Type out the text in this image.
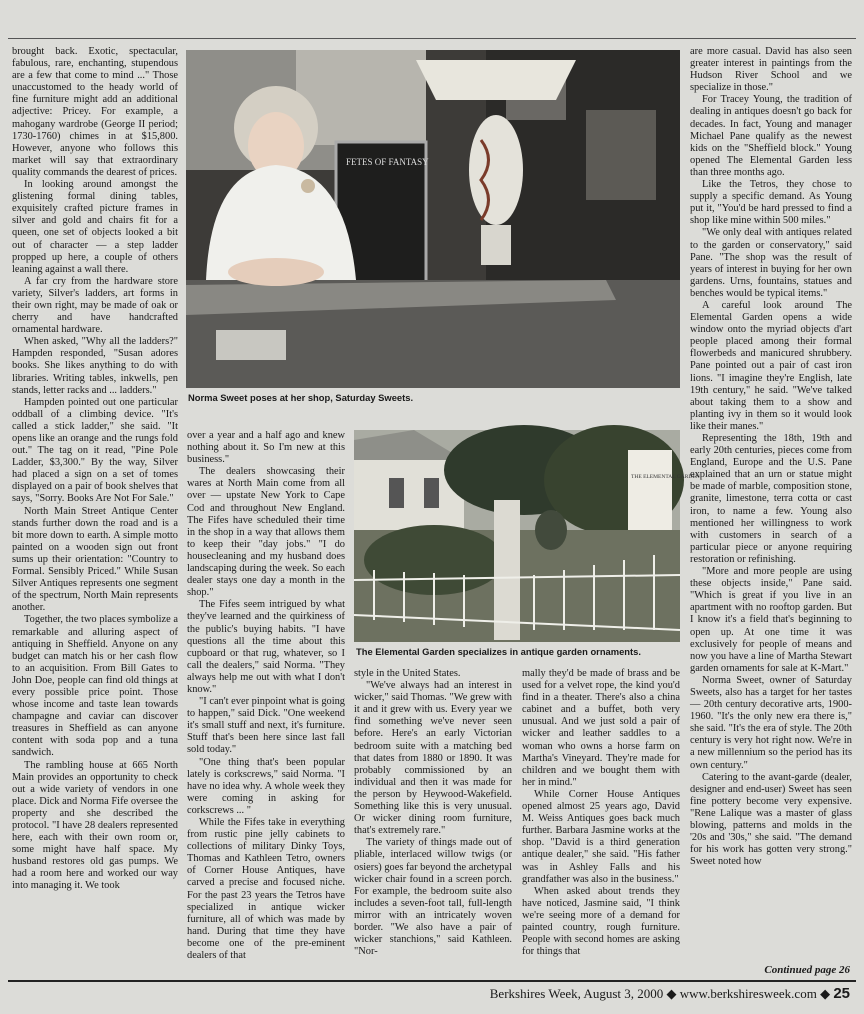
brought back. Exotic, spectacular, fabulous, rare, enchanting, stupendous are a few that come to mind ..." Those unaccustomed to the heady world of fine furniture might add an additional adjective: Pricey. For example, a mahogany wardrobe (George II period; 1730-1760) chimes in at $15,800. However, anyone who follows this market will say that extraordinary quality commands the dearest of prices.

In looking around amongst the glistening formal dining tables, exquisitely crafted picture frames in silver and gold and chairs fit for a queen, one set of objects looked a bit out of character — a step ladder propped up here, a couple of others leaning against a wall there.

A far cry from the hardware store variety, Silver's ladders, art forms in their own right, may be made of oak or cherry and have handcrafted ornamental hardware.

When asked, "Why all the ladders?" Hampden responded, "Susan adores books. She likes anything to do with libraries. Writing tables, inkwells, pen stands, letter racks and ... ladders."

Hampden pointed out one particular oddball of a climbing device. "It's called a stick ladder," she said. "It opens like an orange and the rungs fold out." The tag on it read, "Pine Pole Ladder, $3,300." By the way, Silver had placed a sign on a set of tomes displayed on a pair of book shelves that says, "Sorry. Books Are Not For Sale."

North Main Street Antique Center stands further down the road and is a bit more down to earth. A simple motto painted on a wooden sign out front sums up their orientation: "Country to Formal. Sensibly Priced." While Susan Silver Antiques represents one segment of the spectrum, North Main represents another.

Together, the two places symbolize a remarkable and alluring aspect of antiquing in Sheffield. Anyone on any budget can match his or her cash flow to an acquisition. From Bill Gates to John Doe, people can find old things at every possible price point. Those whose income and taste lean towards champagne and caviar can discover treasures in Sheffield as can anyone content with soda pop and a tuna sandwich.

The rambling house at 665 North Main provides an opportunity to check out a wide variety of vendors in one place. Dick and Norma Fife oversee the property and she described the protocol. "I have 28 dealers represented here, each with their own room or, some might have half space. My husband restores old gas pumps. We had a room here and worked our way into managing it. We took

FETES OF FANTASY
Norma Sweet poses at her shop, Saturday Sweets.

over a year and a half ago and knew nothing about it. So I'm new at this business."

The dealers showcasing their wares at North Main come from all over — upstate New York to Cape Cod and throughout New England. The Fifes have scheduled their time in the shop in a way that allows them to keep their "day jobs." "I do housecleaning and my husband does landscaping during the week. So each dealer stays one day a month in the shop."

The Fifes seem intrigued by what they've learned and the quirkiness of the public's buying habits. "I have questions all the time about this cupboard or that rug, whatever, so I call the dealers," said Norma. "They always help me out with what I don't know."

"I can't ever pinpoint what is going to happen," said Dick. "One weekend it's small stuff and next, it's furniture. Stuff that's been here since last fall sold today."

"One thing that's been popular lately is corkscrews," said Norma. "I have no idea why. A whole week they were coming in asking for corkscrews ... "

While the Fifes take in everything from rustic pine jelly cabinets to collections of military Dinky Toys, Thomas and Kathleen Tetro, owners of Corner House Antiques, have carved a precise and focused niche. For the past 23 years the Tetros have specialized in antique wicker furniture, all of which was made by hand. During that time they have become one of the pre-eminent dealers of that

THE ELEMENTAL GARDEN
The Elemental Garden specializes in antique garden ornaments.

style in the United States.

"We've always had an interest in wicker," said Thomas. "We grew with it and it grew with us. Every year we find something we've never seen before. Here's an early Victorian bedroom suite with a matching bed that dates from 1880 or 1890. It was probably commissioned by an individual and then it was made for the person by Heywood-Wakefield. Something like this is very unusual. Or wicker dining room furniture, that's extremely rare."

The variety of things made out of pliable, interlaced willow twigs (or osiers) goes far beyond the archetypal wicker chair found in a screen porch. For example, the bedroom suite also includes a seven-foot tall, full-length mirror with an intricately woven border. "We also have a pair of wicker stanchions," said Kathleen. "Nor-

mally they'd be made of brass and be used for a velvet rope, the kind you'd find in a theater. There's also a china cabinet and a buffet, both very unusual. And we just sold a pair of wicker and leather saddles to a woman who owns a horse farm on Martha's Vineyard. They're made for children and we bought them with her in mind."

While Corner House Antiques opened almost 25 years ago, David M. Weiss Antiques goes back much further. Barbara Jasmine works at the shop. "David is a third generation antique dealer," she said. "His father was in Ashley Falls and his grandfather was also in the business."

When asked about trends they have noticed, Jasmine said, "I think we're seeing more of a demand for painted country, rough furniture. People with second homes are asking for things that

are more casual. David has also seen greater interest in paintings from the Hudson River School and we specialize in those."

For Tracey Young, the tradition of dealing in antiques doesn't go back for decades. In fact, Young and manager Michael Pane qualify as the newest kids on the "Sheffield block." Young opened The Elemental Garden less than three months ago.

Like the Tetros, they chose to supply a specific demand. As Young put it, "You'd be hard pressed to find a shop like mine within 500 miles."

"We only deal with antiques related to the garden or conservatory," said Pane. "The shop was the result of years of interest in buying for her own gardens. Urns, fountains, statues and benches would be typical items."

A careful look around The Elemental Garden opens a wide window onto the myriad objects d'art people placed among their formal flowerbeds and manicured shrubbery. Pane pointed out a pair of cast iron lions. "I imagine they're English, late 19th century," he said. "We've talked about taking them to a show and planting ivy in them so it would look like their manes."

Representing the 18th, 19th and early 20th centuries, pieces come from England, Europe and the U.S. Pane explained that an urn or statue might be made of marble, composition stone, granite, limestone, terra cotta or cast iron, to name a few. Young also mentioned her willingness to work with customers in search of a particular piece or anyone requiring restoration or refinishing.

"More and more people are using these objects inside," Pane said. "Which is great if you live in an apartment with no rooftop garden. But I know it's a field that's beginning to open up. At one time it was exclusively for people of means and now you have a line of Martha Stewart garden ornaments for sale at K-Mart."

Norma Sweet, owner of Saturday Sweets, also has a target for her tastes — 20th century decorative arts, 1900-1960. "It's the only new era there is," she said. "It's the era of style. The 20th century is very hot right now. We're in a new millennium so the period has its own century."

Catering to the avant-garde (dealer, designer and end-user) Sweet has seen fine pottery become very expensive. "Rene Lalique was a master of glass blowing, patterns and molds in the '20s and '30s," she said. "The demand for his work has gotten very strong." Sweet noted how

Continued page 26
Berkshires Week, August 3, 2000 ◆ www.berkshiresweek.com ◆ 25
